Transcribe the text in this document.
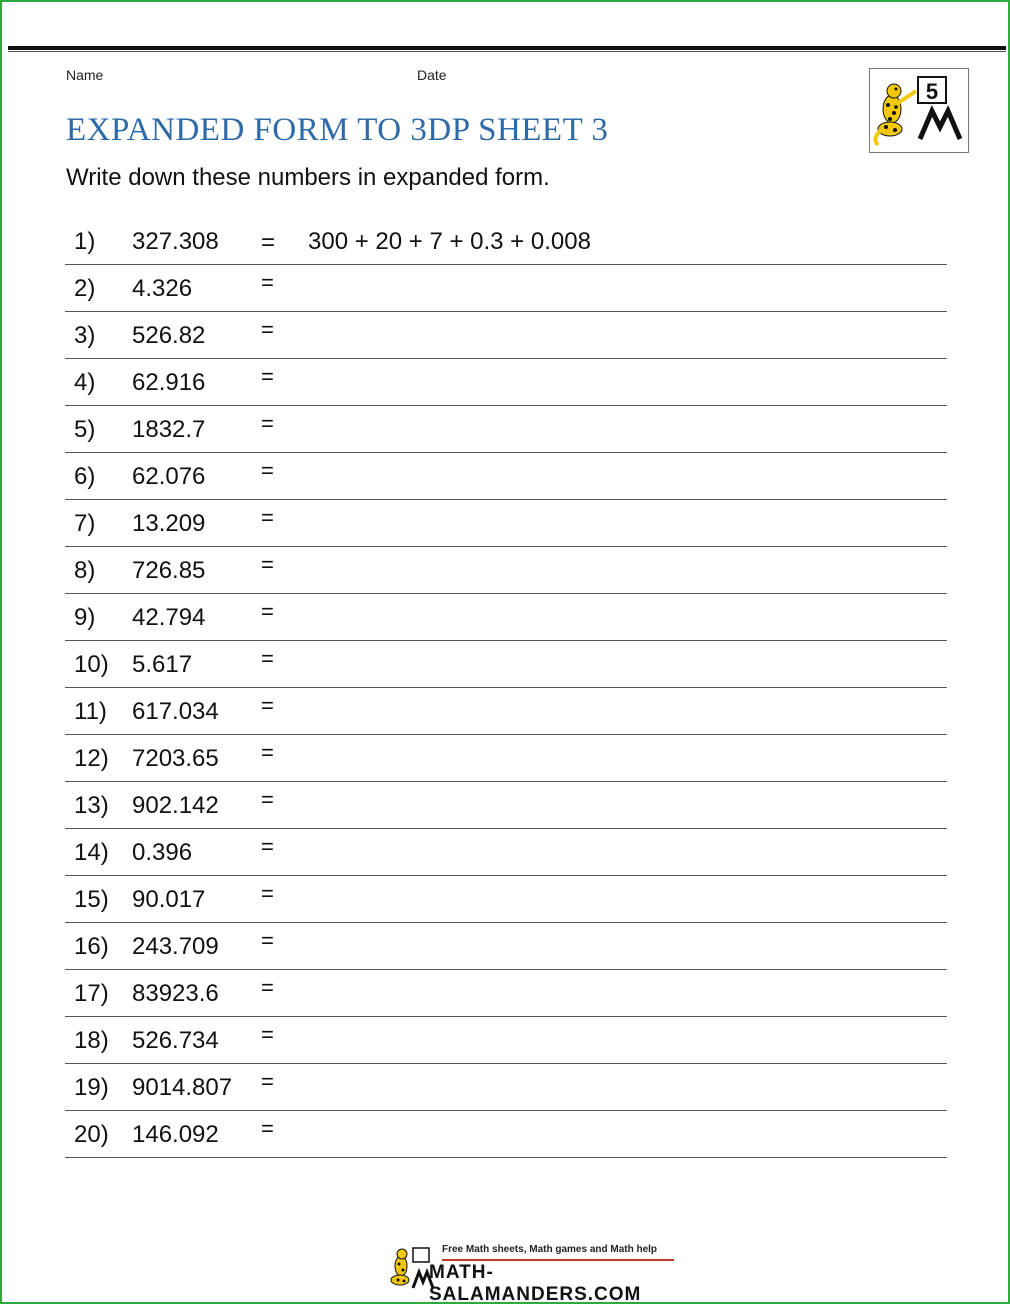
Name	Date
EXPANDED FORM TO 3DP SHEET 3
Write down these numbers in expanded form.
5
1) 327.308 = 300 + 20 + 7 + 0.3 + 0.008
2) 4.326	=
3) 526.82	=
4) 62.916	=
5) 1832.7	=
6) 62.076	=
7) 13.209	=
8) 726.85	=
9) 42.794	=
10) 5.617	=
11) 617.034 =
12) 7203.65 =
13) 902.142 =
14) 0.396	=
15) 90.017	=
16) 243.709 =
17) 83923.6 =
18) 526.734 =
19) 9014.807 =
20) 146.092 =
Free Math sheets, Math games and Math help
MATH-SALAMANDERS.COM
